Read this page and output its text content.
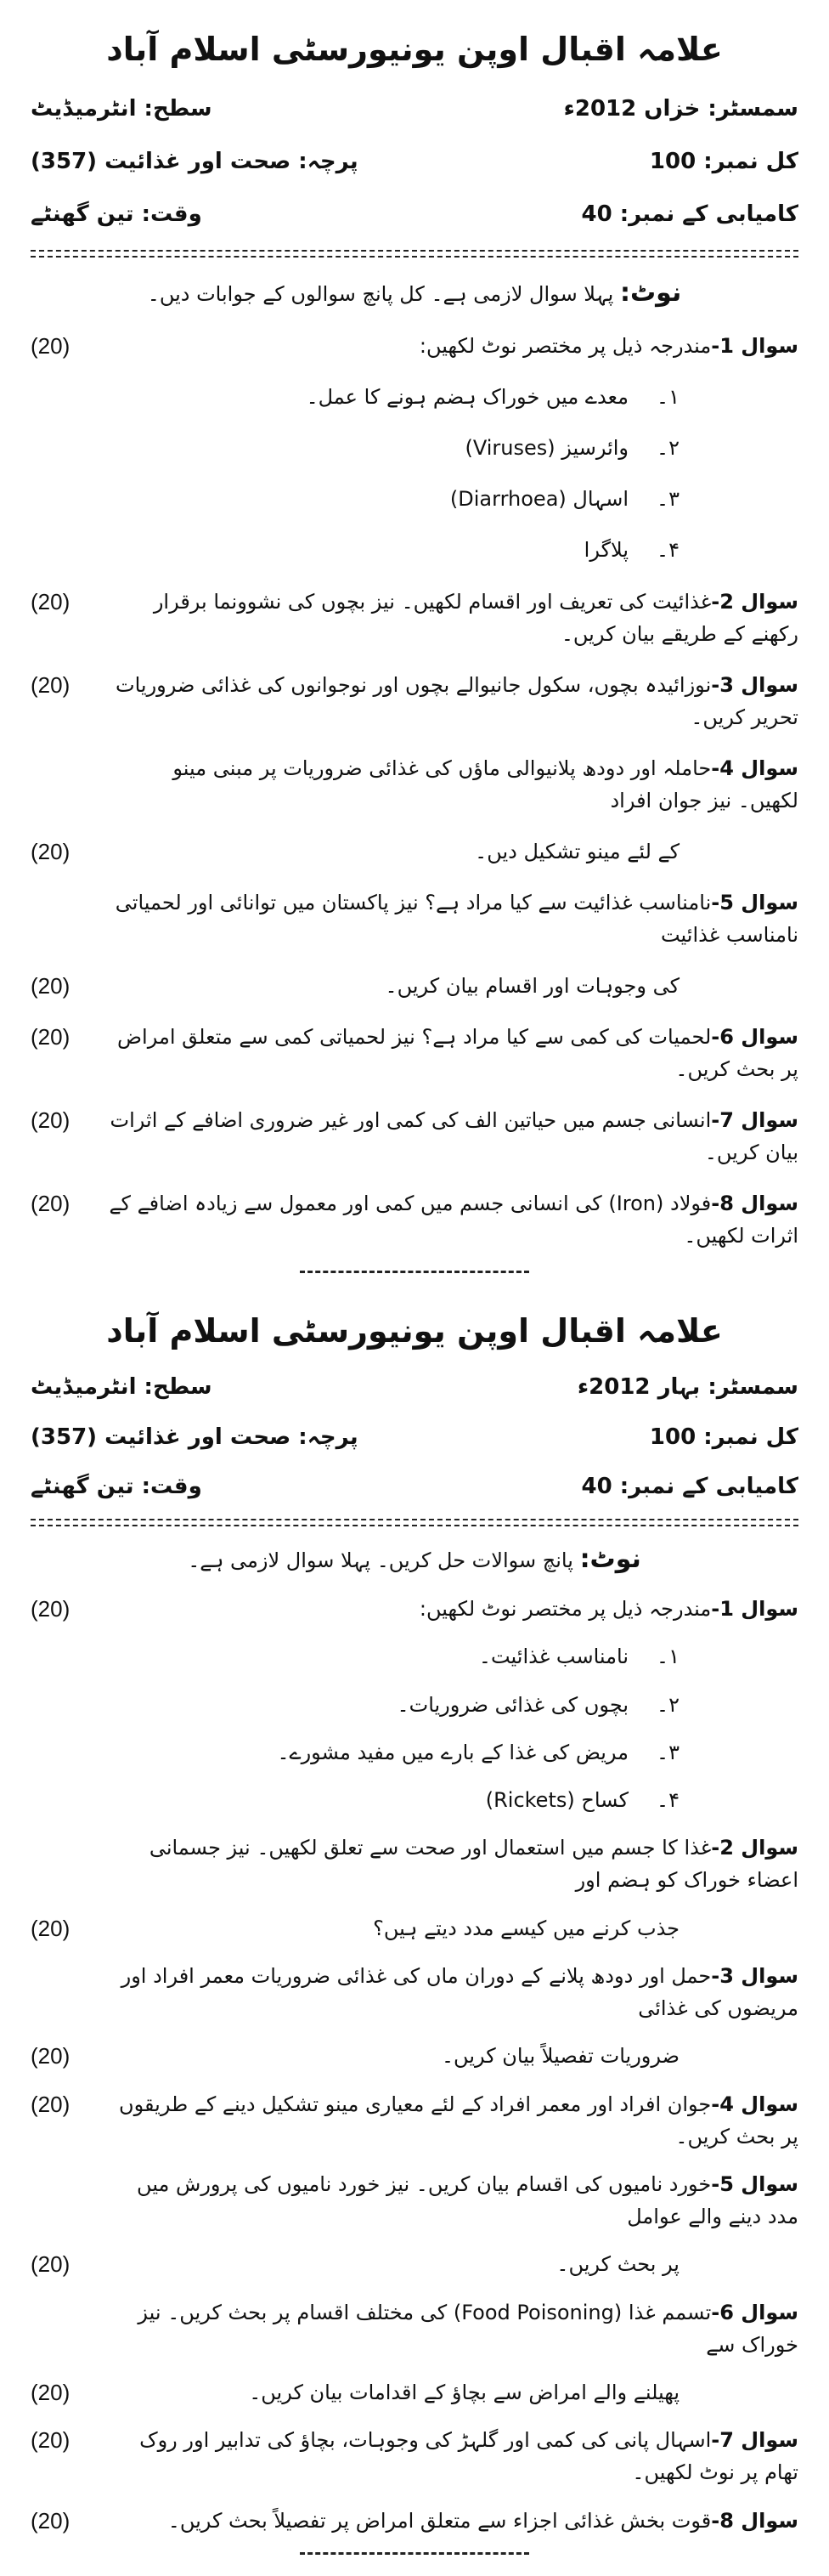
علامہ اقبال اوپن یونیورسٹی اسلام آباد
سطح: انٹرمیڈیٹ	سمسٹر: خزاں 2012ء
پرچہ: صحت اور غذائیت (357)	کل نمبر: 100
وقت: تین گھنٹے	کامیابی کے نمبر: 40
نوٹ: پہلا سوال لازمی ہے۔ کل پانچ سوالوں کے جوابات دیں۔
سوال 1-مندرجہ ذیل پر مختصر نوٹ لکھیں:
(20)
۱۔معدے میں خوراک ہضم ہونے کا عمل۔
۲۔وائرسیز (Viruses)
۳۔اسہال (Diarrhoea)
۴۔پلاگرا
سوال 2-غذائیت کی تعریف اور اقسام لکھیں۔ نیز بچوں کی نشوونما برقرار رکھنے کے طریقے بیان کریں۔
(20)
سوال 3-نوزائیدہ بچوں، سکول جانیوالے بچوں اور نوجوانوں کی غذائی ضروریات تحریر کریں۔
(20)
سوال 4-حاملہ اور دودھ پلانیوالی ماؤں کی غذائی ضروریات پر مبنی مینو لکھیں۔ نیز جوان افراد
کے لئے مینو تشکیل دیں۔
(20)
سوال 5-نامناسب غذائیت سے کیا مراد ہے؟ نیز پاکستان میں توانائی اور لحمیاتی نامناسب غذائیت
کی وجوہات اور اقسام بیان کریں۔
(20)
سوال 6-لحمیات کی کمی سے کیا مراد ہے؟ نیز لحمیاتی کمی سے متعلق امراض پر بحث کریں۔
(20)
سوال 7-انسانی جسم میں حیاتین الف کی کمی اور غیر ضروری اضافے کے اثرات بیان کریں۔
(20)
سوال 8-فولاد (Iron) کی انسانی جسم میں کمی اور معمول سے زیادہ اضافے کے اثرات لکھیں۔
(20)
علامہ اقبال اوپن یونیورسٹی اسلام آباد
سطح: انٹرمیڈیٹ	سمسٹر: بہار 2012ء
پرچہ: صحت اور غذائیت (357)	کل نمبر: 100
وقت: تین گھنٹے	کامیابی کے نمبر: 40
نوٹ: پانچ سوالات حل کریں۔ پہلا سوال لازمی ہے۔
سوال 1-مندرجہ ذیل پر مختصر نوٹ لکھیں:
(20)
۱۔نامناسب غذائیت۔
۲۔بچوں کی غذائی ضروریات۔
۳۔مریض کی غذا کے بارے میں مفید مشورے۔
۴۔کساح (Rickets)
سوال 2-غذا کا جسم میں استعمال اور صحت سے تعلق لکھیں۔ نیز جسمانی اعضاء خوراک کو ہضم اور
جذب کرنے میں کیسے مدد دیتے ہیں؟
(20)
سوال 3-حمل اور دودھ پلانے کے دوران ماں کی غذائی ضروریات معمر افراد اور مریضوں کی غذائی
ضروریات تفصیلاً بیان کریں۔
(20)
سوال 4-جوان افراد اور معمر افراد کے لئے معیاری مینو تشکیل دینے کے طریقوں پر بحث کریں۔
(20)
سوال 5-خورد نامیوں کی اقسام بیان کریں۔ نیز خورد نامیوں کی پرورش میں مدد دینے والے عوامل
پر بحث کریں۔
(20)
سوال 6-تسمم غذا (Food Poisoning) کی مختلف اقسام پر بحث کریں۔ نیز خوراک سے
پھیلنے والے امراض سے بچاؤ کے اقدامات بیان کریں۔
(20)
سوال 7-اسہال پانی کی کمی اور گلہڑ کی وجوہات، بچاؤ کی تدابیر اور روک تھام پر نوٹ لکھیں۔
(20)
سوال 8-قوت بخش غذائی اجزاء سے متعلق امراض پر تفصیلاً بحث کریں۔
(20)
